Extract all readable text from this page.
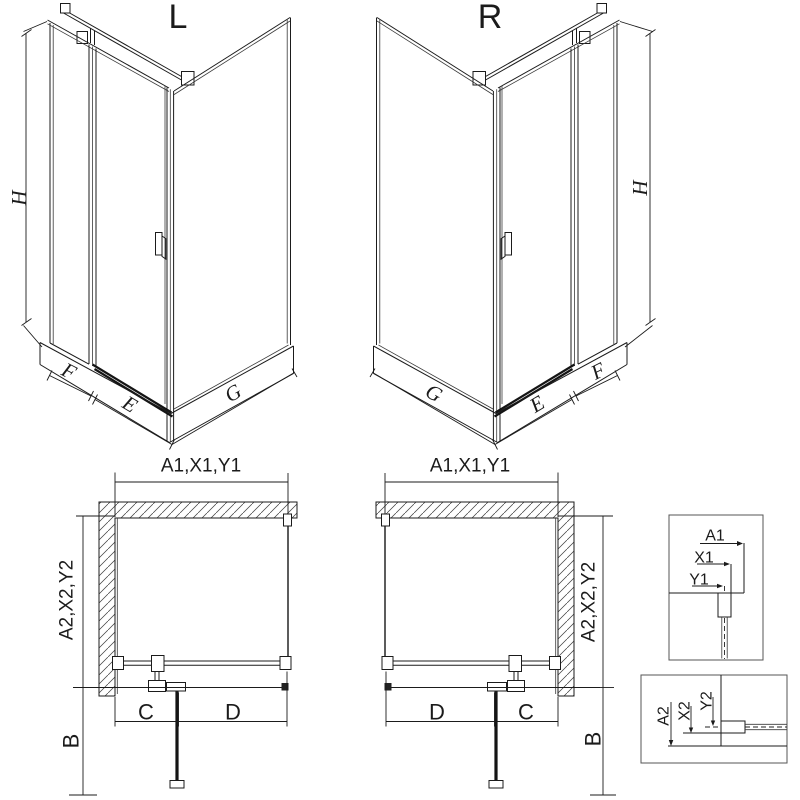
L	R
H
H
F
E	G	G	E
F
A1,X1,Y1	A1,X1,Y1
A2,X2,Y2	A2,X2,Y2
C	D	D	C
B	B
A1
X1
Y1
A2 X2
Y2
